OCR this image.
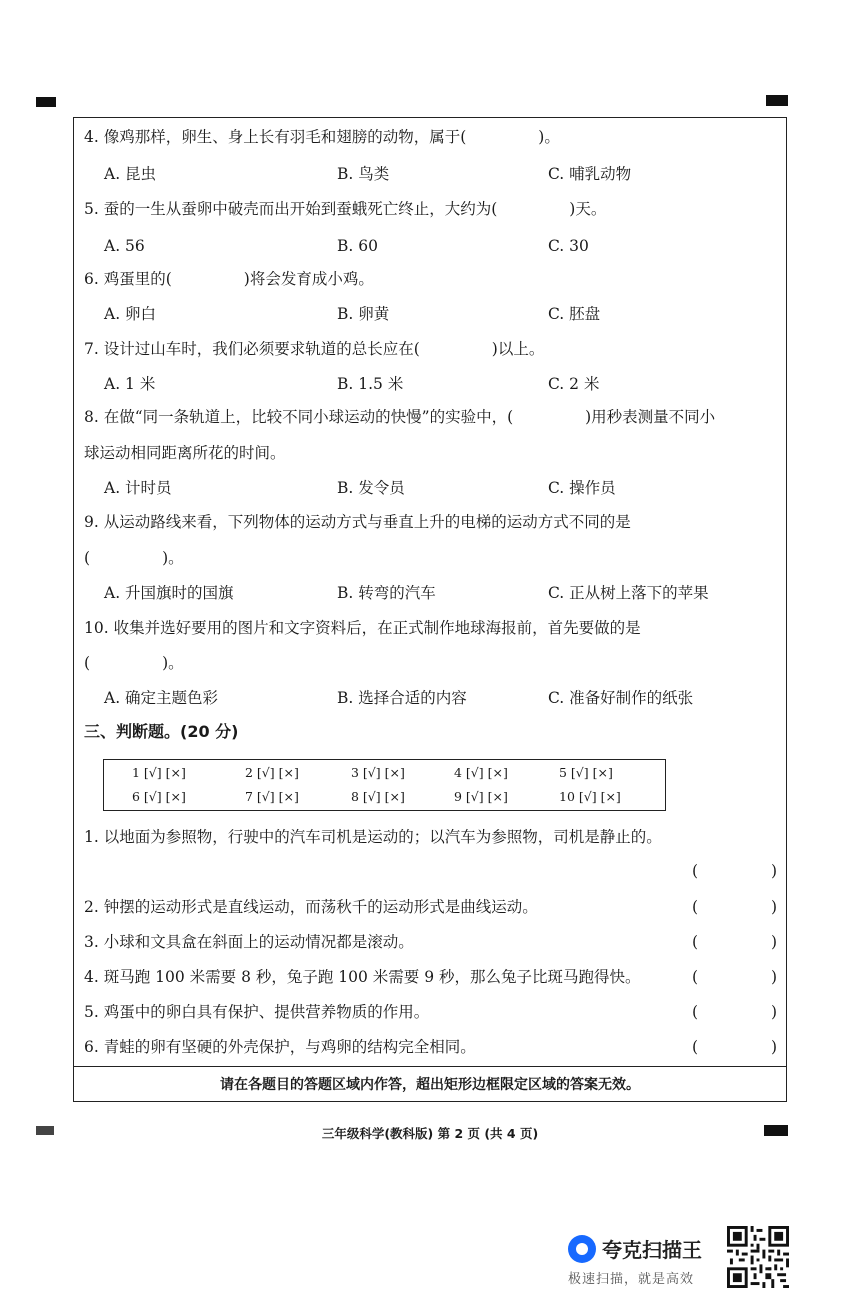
请在各题目的答题区域内作答，超出矩形边框限定区域的答案无效。
4. 像鸡那样，卵生、身上长有羽毛和翅膀的动物，属于(	)。
A. 昆虫	B. 鸟类	C. 哺乳动物
5. 蚕的一生从蚕卵中破壳而出开始到蚕蛾死亡终止，大约为(	)天。
A. 56	B. 60	C. 30
6. 鸡蛋里的(	)将会发育成小鸡。
A. 卵白	B. 卵黄	C. 胚盘
7. 设计过山车时，我们必须要求轨道的总长应在(	)以上。
A. 1 米	B. 1.5 米	C. 2 米
8. 在做“同一条轨道上，比较不同小球运动的快慢”的实验中，(	)用秒表测量不同小
球运动相同距离所花的时间。
A. 计时员	B. 发令员	C. 操作员
9. 从运动路线来看，下列物体的运动方式与垂直上升的电梯的运动方式不同的是
(	)。
A. 升国旗时的国旗	B. 转弯的汽车	C. 正从树上落下的苹果
10. 收集并选好要用的图片和文字资料后，在正式制作地球海报前，首先要做的是
(	)。
A. 确定主题色彩	B. 选择合适的内容	C. 准备好制作的纸张
三、判断题。(20 分)
1 [√] [×]	2 [√] [×]	3 [√] [×]	4 [√] [×]	5 [√] [×]
6 [√] [×]	7 [√] [×]	8 [√] [×]	9 [√] [×]	10 [√] [×]
1. 以地面为参照物，行驶中的汽车司机是运动的；以汽车为参照物，司机是静止的。
(	)
2. 钟摆的运动形式是直线运动，而荡秋千的运动形式是曲线运动。	(	)
3. 小球和文具盒在斜面上的运动情况都是滚动。	(	)
4. 斑马跑 100 米需要 8 秒，兔子跑 100 米需要 9 秒，那么兔子比斑马跑得快。	(	)
5. 鸡蛋中的卵白具有保护、提供营养物质的作用。	(	)
6. 青蛙的卵有坚硬的外壳保护，与鸡卵的结构完全相同。	(	)
三年级科学(教科版) 第 2 页 (共 4 页)
夸克扫描王
极速扫描，就是高效
